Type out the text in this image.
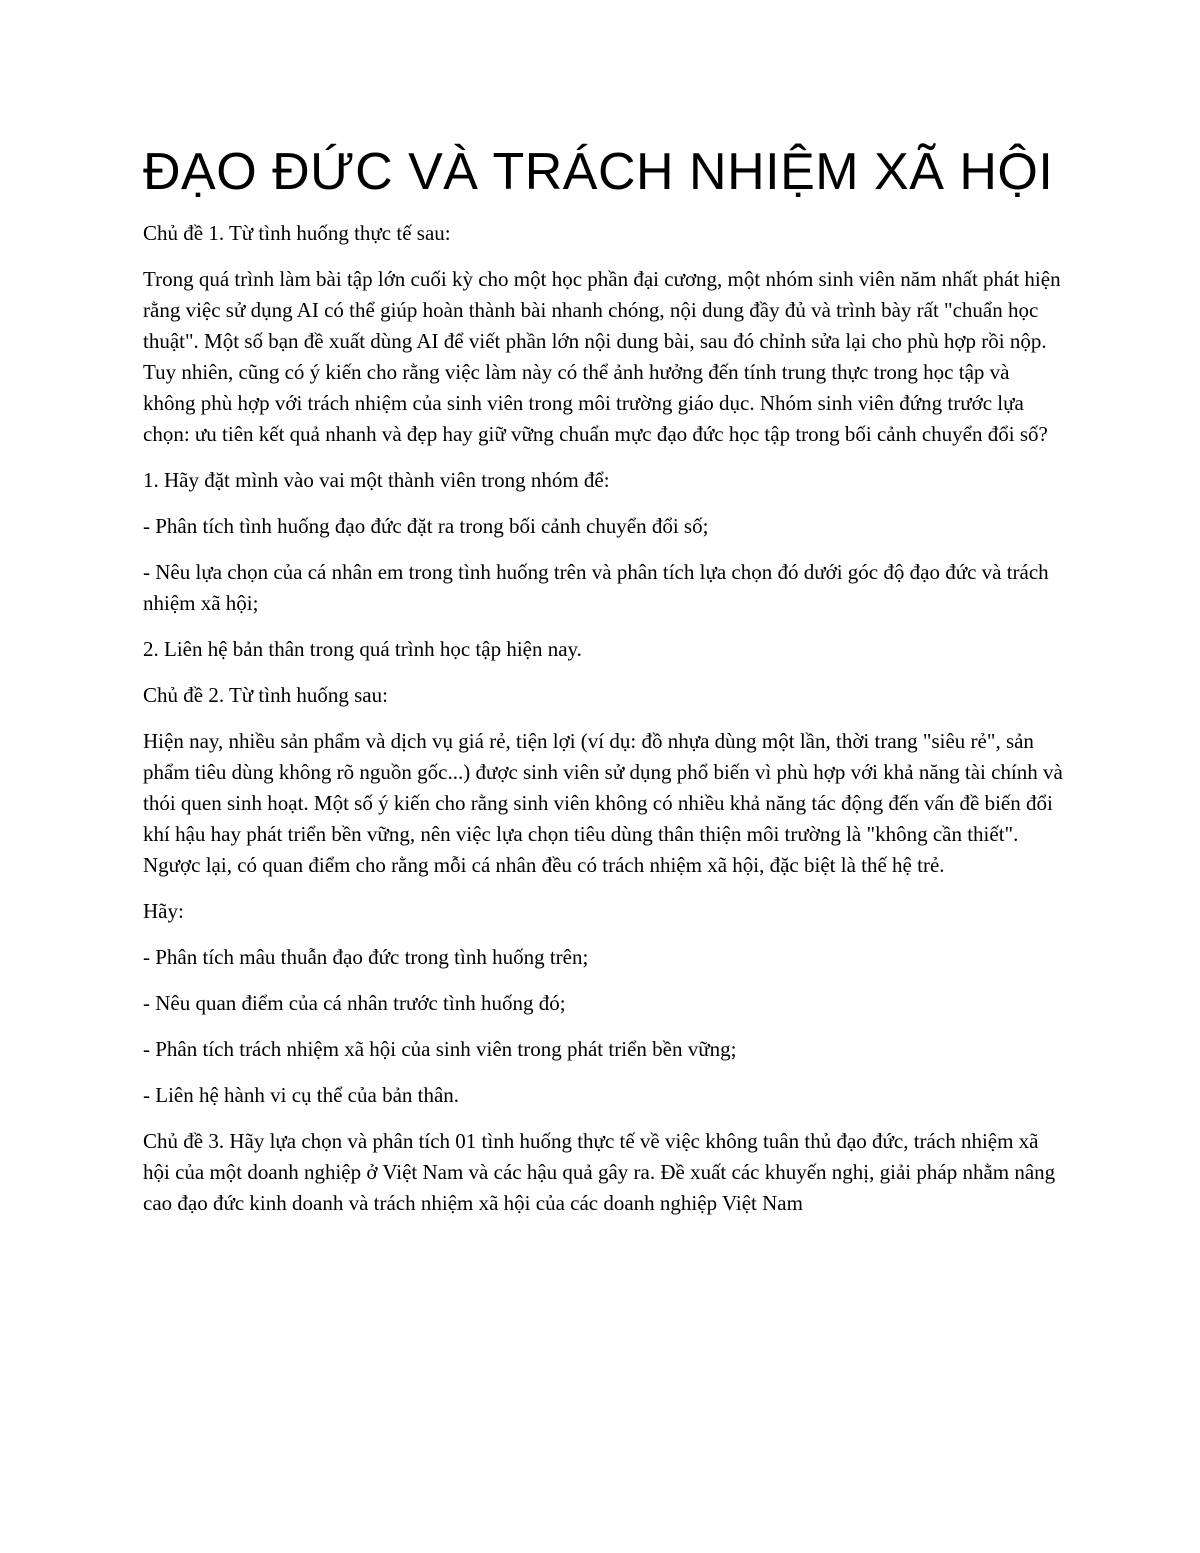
ĐẠO ĐỨC VÀ TRÁCH NHIỆM XÃ HỘI

Chủ đề 1. Từ tình huống thực tế sau:

Trong quá trình làm bài tập lớn cuối kỳ cho một học phần đại cương, một nhóm sinh viên năm nhất phát hiện rằng việc sử dụng AI có thể giúp hoàn thành bài nhanh chóng, nội dung đầy đủ và trình bày rất "chuẩn học thuật". Một số bạn đề xuất dùng AI để viết phần lớn nội dung bài, sau đó chỉnh sửa lại cho phù hợp rồi nộp. Tuy nhiên, cũng có ý kiến cho rằng việc làm này có thể ảnh hưởng đến tính trung thực trong học tập và không phù hợp với trách nhiệm của sinh viên trong môi trường giáo dục. Nhóm sinh viên đứng trước lựa chọn: ưu tiên kết quả nhanh và đẹp hay giữ vững chuẩn mực đạo đức học tập trong bối cảnh chuyển đổi số?

1. Hãy đặt mình vào vai một thành viên trong nhóm để:

- Phân tích tình huống đạo đức đặt ra trong bối cảnh chuyển đổi số;

- Nêu lựa chọn của cá nhân em trong tình huống trên và phân tích lựa chọn đó dưới góc độ đạo đức và trách nhiệm xã hội;

2. Liên hệ bản thân trong quá trình học tập hiện nay.

Chủ đề 2. Từ tình huống sau:

Hiện nay, nhiều sản phẩm và dịch vụ giá rẻ, tiện lợi (ví dụ: đồ nhựa dùng một lần, thời trang "siêu rẻ", sản phẩm tiêu dùng không rõ nguồn gốc...) được sinh viên sử dụng phổ biến vì phù hợp với khả năng tài chính và thói quen sinh hoạt. Một số ý kiến cho rằng sinh viên không có nhiều khả năng tác động đến vấn đề biến đổi khí hậu hay phát triển bền vững, nên việc lựa chọn tiêu dùng thân thiện môi trường là "không cần thiết". Ngược lại, có quan điểm cho rằng mỗi cá nhân đều có trách nhiệm xã hội, đặc biệt là thế hệ trẻ.

Hãy:

- Phân tích mâu thuẫn đạo đức trong tình huống trên;

- Nêu quan điểm của cá nhân trước tình huống đó;

- Phân tích trách nhiệm xã hội của sinh viên trong phát triển bền vững;

- Liên hệ hành vi cụ thể của bản thân.

Chủ đề 3. Hãy lựa chọn và phân tích 01 tình huống thực tế về việc không tuân thủ đạo đức, trách nhiệm xã hội của một doanh nghiệp ở Việt Nam và các hậu quả gây ra. Đề xuất các khuyến nghị, giải pháp nhằm nâng cao đạo đức kinh doanh và trách nhiệm xã hội của các doanh nghiệp Việt Nam
